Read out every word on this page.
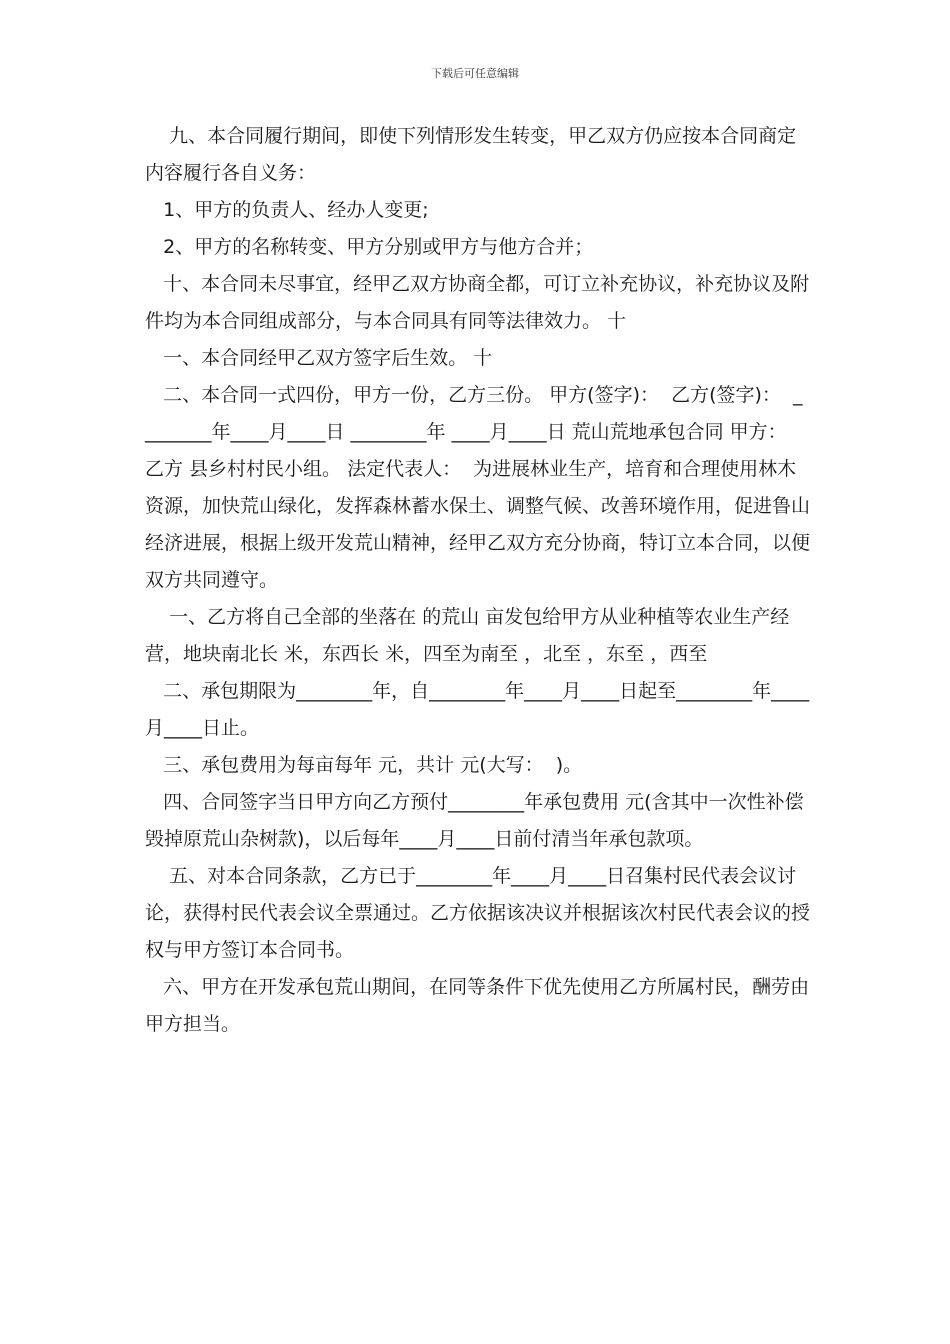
下载后可任意编辑

九、本合同履行期间，即使下列情形发生转变，甲乙双方仍应按本合同商定内容履行各自义务：

1、甲方的负责人、经办人变更;

2、甲方的名称转变、甲方分别或甲方与他方合并；

十、本合同未尽事宜，经甲乙双方协商全都，可订立补充协议，补充协议及附件均为本合同组成部分，与本合同具有同等法律效力。 十

一、本合同经甲乙双方签字后生效。 十

二、本合同一式四份，甲方一份，乙方三份。 甲方(签字)：  乙方(签字)：  ________年____月____日 ________年 ____月____日 荒山荒地承包合同 甲方：  乙方 县乡村村民小组。 法定代表人：  为进展林业生产，培育和合理使用林木资源，加快荒山绿化，发挥森林蓄水保土、调整气候、改善环境作用，促进鲁山经济进展，根据上级开发荒山精神，经甲乙双方充分协商，特订立本合同，以便双方共同遵守。

一、乙方将自己全部的坐落在 的荒山 亩发包给甲方从业种植等农业生产经营，地块南北长 米，东西长 米，四至为南至 ，北至 ，东至 ，西至

二、承包期限为________年，自________年____月____日起至________年____月____日止。

三、承包费用为每亩每年 元，共计 元(大写：  )。

四、合同签字当日甲方向乙方预付________年承包费用 元(含其中一次性补偿毁掉原荒山杂树款)，以后每年____月____日前付清当年承包款项。

五、对本合同条款，乙方已于________年____月____日召集村民代表会议讨论，获得村民代表会议全票通过。乙方依据该决议并根据该次村民代表会议的授权与甲方签订本合同书。

六、甲方在开发承包荒山期间，在同等条件下优先使用乙方所属村民，酬劳由甲方担当。
